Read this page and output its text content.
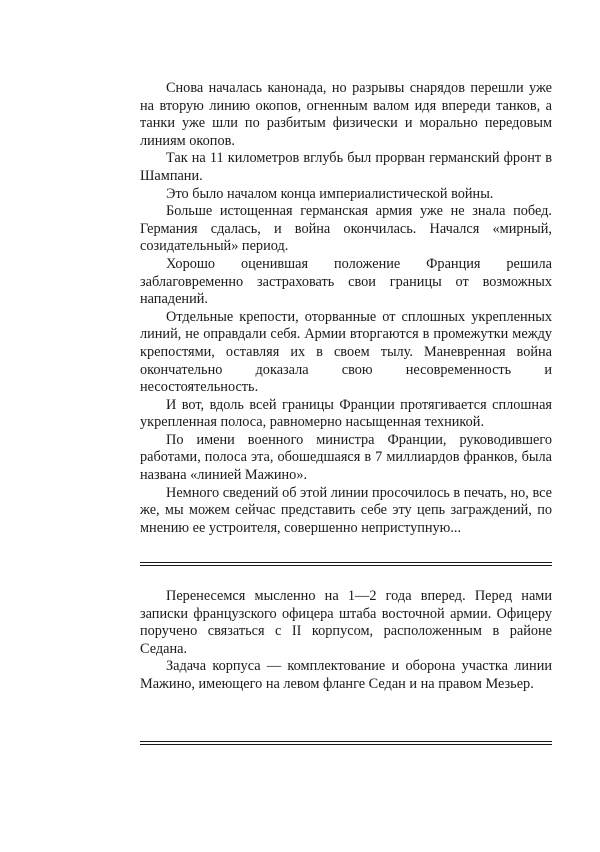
Снова началась канонада, но разрывы снарядов перешли уже на вторую линию окопов, огненным валом идя впереди танков, а танки уже шли по разбитым физически и морально передовым линиям окопов.

Так на 11 километров вглубь был прорван германский фронт в Шампани.

Это было началом конца империалистической войны.

Больше истощенная германская армия уже не знала побед. Германия сдалась, и война окончилась. Начался «мирный, созидательный» период.

Хорошо оценившая положение Франция решила заблаговременно застраховать свои границы от возможных нападений.

Отдельные крепости, оторванные от сплошных укрепленных линий, не оправдали себя. Армии вторгаются в промежутки между крепостями, оставляя их в своем тылу. Маневренная война окончательно доказала свою несовременность и несостоятельность.

И вот, вдоль всей границы Франции протягивается сплошная укрепленная полоса, равномерно насыщенная техникой.

По имени военного министра Франции, руководившего работами, полоса эта, обошедшаяся в 7 миллиардов франков, была названа «линией Мажино».

Немного сведений об этой линии просочилось в печать, но, все же, мы можем сейчас представить себе эту цепь заграждений, по мнению ее устроителя, совершенно неприступную...

Перенесемся мысленно на 1—2 года вперед. Перед нами записки французского офицера штаба восточной армии. Офицеру поручено связаться с II корпусом, расположенным в районе Седана.

Задача корпуса — комплектование и оборона участка линии Мажино, имеющего на левом фланге Седан и на правом Мезьер.
